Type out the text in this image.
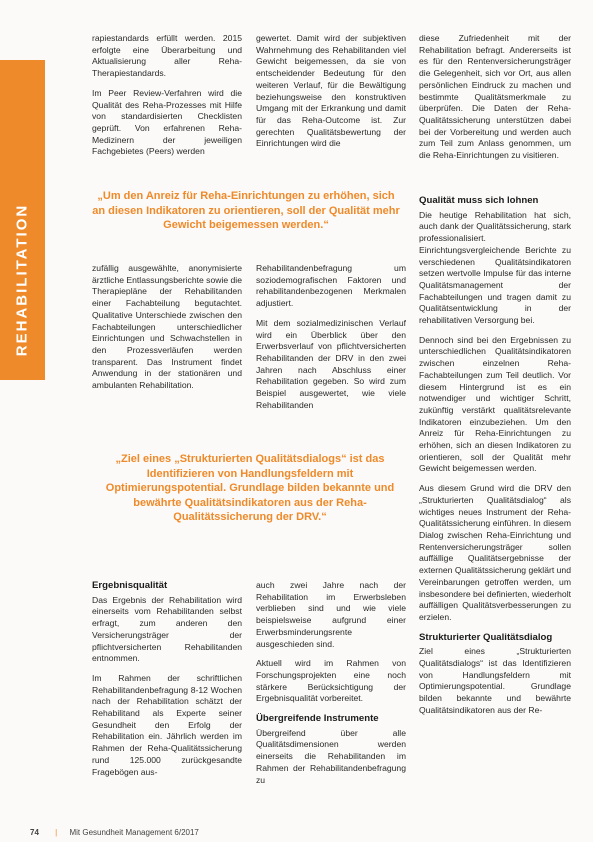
REHABILITATION

rapiestandards erfüllt werden. 2015 erfolgte eine Überarbeitung und Aktualisierung aller Reha-Therapiestandards.

Im Peer Review-Verfahren wird die Qualität des Reha-Prozesses mit Hilfe von standardisierten Checklisten geprüft. Von erfahrenen Reha-Medizinern der jeweiligen Fachgebietes (Peers) werden

gewertet. Damit wird der subjektiven Wahrnehmung des Rehabilitanden viel Gewicht beigemessen, da sie von entscheidender Bedeutung für den weiteren Verlauf, für die Bewältigung beziehungsweise den konstruktiven Umgang mit der Erkrankung und damit für das Reha-Outcome ist. Zur gerechten Qualitätsbewertung der Einrichtungen wird die

diese Zufriedenheit mit der Rehabilitation befragt. Andererseits ist es für den Rentenversicherungsträger die Gelegenheit, sich vor Ort, aus allen persönlichen Eindruck zu machen und bestimmte Qualitätsmerkmale zu überprüfen. Die Daten der Reha-Qualitätssicherung unterstützen dabei bei der Vorbereitung und werden auch zum Teil zum Anlass genommen, um die Reha-Einrichtungen zu visitieren.

„Um den Anreiz für Reha-Einrichtungen zu erhöhen, sich an diesen Indikatoren zu orientieren, soll der Qualität mehr Gewicht beigemessen werden.“

zufällig ausgewählte, anonymisierte ärztliche Entlassungsberichte sowie die Therapiepläne der Rehabilitanden einer Fachabteilung begutachtet. Qualitative Unterschiede zwischen den Fachabteilungen unterschiedlicher Einrichtungen und Schwachstellen in den Prozessverläufen werden transparent. Das Instrument findet Anwendung in der stationären und ambulanten Rehabilitation.

Rehabilitandenbefragung um soziodemografischen Faktoren und rehabilitandenbezogenen Merkmalen adjustiert.

Mit dem sozialmedizinischen Verlauf wird ein Überblick über den Erwerbsverlauf von pflichtversicherten Rehabilitanden der DRV in den zwei Jahren nach Abschluss einer Rehabilitation gegeben. So wird zum Beispiel ausgewertet, wie viele Rehabilitanden

Qualität muss sich lohnen

Die heutige Rehabilitation hat sich, auch dank der Qualitätssicherung, stark professionalisiert. Einrichtungsvergleichende Berichte zu verschiedenen Qualitätsindikatoren setzen wertvolle Impulse für das interne Qualitätsmanagement der Fachabteilungen und tragen damit zu Qualitätsentwicklung in der rehabilitativen Versorgung bei.

Dennoch sind bei den Ergebnissen zu unterschiedlichen Qualitätsindikatoren zwischen einzelnen Reha-Fachabteilungen zum Teil deutlich. Vor diesem Hintergrund ist es ein notwendiger und wichtiger Schritt, zukünftig verstärkt qualitätsrelevante Indikatoren einzubeziehen. Um den Anreiz für Reha-Einrichtungen zu erhöhen, sich an diesen Indikatoren zu orientieren, soll der Qualität mehr Gewicht beigemessen werden.

Aus diesem Grund wird die DRV den „Strukturierten Qualitätsdialog“ als wichtiges neues Instrument der Reha-Qualitätssicherung einführen. In diesem Dialog zwischen Reha-Einrichtung und Rentenversicherungsträger sollen auffällige Qualitätsergebnisse der externen Qualitätssicherung geklärt und Vereinbarungen getroffen werden, um insbesondere bei definierten, wiederholt auffälligen Qualitätsverbesserungen zu erzielen.

Strukturierter Qualitätsdialog

Ziel eines „Strukturierten Qualitätsdialogs“ ist das Identifizieren von Handlungsfeldern mit Optimierungspotential. Grundlage bilden bekannte und bewährte Qualitätsindikatoren aus der Re-

„Ziel eines „Strukturierten Qualitätsdialogs“ ist das Identifizieren von Handlungsfeldern mit Optimierungspotential. Grundlage bilden bekannte und bewährte Qualitätsindikatoren aus der Reha-Qualitätssicherung der DRV.“
Ergebnisqualität

Das Ergebnis der Rehabilitation wird einerseits vom Rehabilitanden selbst erfragt, zum anderen den Versicherungsträger der pflichtversicherten Rehabilitanden entnommen.

Im Rahmen der schriftlichen Rehabilitandenbefragung 8-12 Wochen nach der Rehabilitation schätzt der Rehabilitand als Experte seiner Gesundheit den Erfolg der Rehabilitation ein. Jährlich werden im Rahmen der Reha-Qualitätssicherung rund 125.000 zurückgesandte Fragebögen aus-

auch zwei Jahre nach der Rehabilitation im Erwerbsleben verblieben sind und wie viele beispielsweise aufgrund einer Erwerbsminderungsrente ausgeschieden sind.

Aktuell wird im Rahmen von Forschungsprojekten eine noch stärkere Berücksichtigung der Ergebnisqualität vorbereitet.

Übergreifende Instrumente

Übergreifend über alle Qualitätsdimensionen werden einerseits die Rehabilitanden im Rahmen der Rehabilitandenbefragung zu

74 | Mit Gesundheit Management 6/2017
